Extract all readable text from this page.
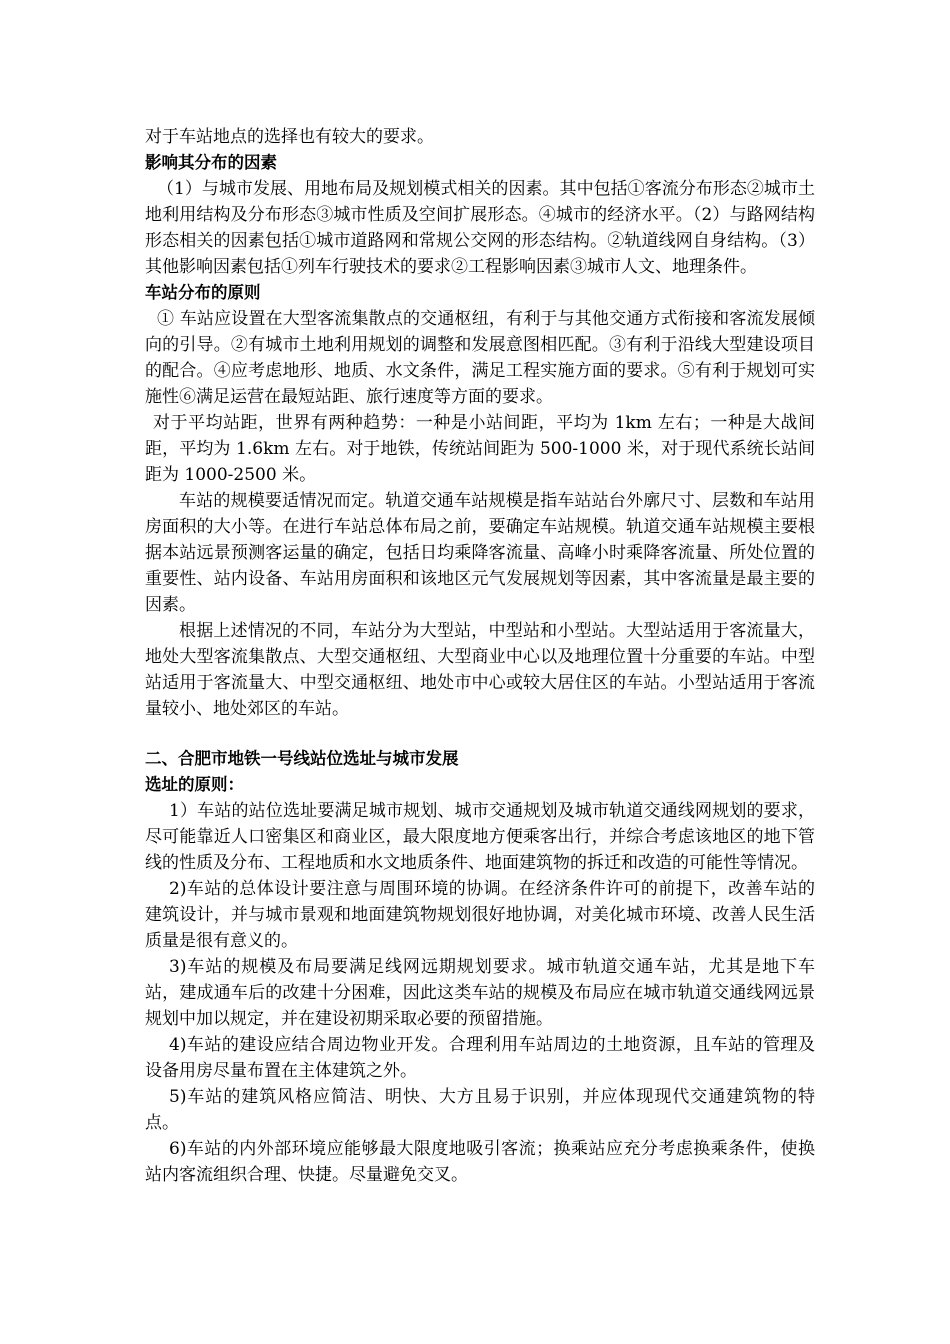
对于车站地点的选择也有较大的要求。

影响其分布的因素

（1）与城市发展、用地布局及规划模式相关的因素。其中包括①客流分布形态②城市土地利用结构及分布形态③城市性质及空间扩展形态。④城市的经济水平。（2）与路网结构形态相关的因素包括①城市道路网和常规公交网的形态结构。②轨道线网自身结构。（3）其他影响因素包括①列车行驶技术的要求②工程影响因素③城市人文、地理条件。

车站分布的原则

① 车站应设置在大型客流集散点的交通枢纽，有利于与其他交通方式衔接和客流发展倾向的引导。②有城市土地利用规划的调整和发展意图相匹配。③有利于沿线大型建设项目的配合。④应考虑地形、地质、水文条件，满足工程实施方面的要求。⑤有利于规划可实施性⑥满足运营在最短站距、旅行速度等方面的要求。

对于平均站距，世界有两种趋势：一种是小站间距，平均为 1km 左右；一种是大战间距，平均为 1.6km 左右。对于地铁，传统站间距为 500-1000 米，对于现代系统长站间距为 1000-2500 米。

车站的规模要适情况而定。轨道交通车站规模是指车站站台外廓尺寸、层数和车站用房面积的大小等。在进行车站总体布局之前，要确定车站规模。轨道交通车站规模主要根据本站远景预测客运量的确定，包括日均乘降客流量、高峰小时乘降客流量、所处位置的重要性、站内设备、车站用房面积和该地区元气发展规划等因素，其中客流量是最主要的因素。

根据上述情况的不同，车站分为大型站，中型站和小型站。大型站适用于客流量大，地处大型客流集散点、大型交通枢纽、大型商业中心以及地理位置十分重要的车站。中型站适用于客流量大、中型交通枢纽、地处市中心或较大居住区的车站。小型站适用于客流量较小、地处郊区的车站。

二、合肥市地铁一号线站位选址与城市发展

选址的原则：

1）车站的站位选址要满足城市规划、城市交通规划及城市轨道交通线网规划的要求，尽可能靠近人口密集区和商业区，最大限度地方便乘客出行，并综合考虑该地区的地下管线的性质及分布、工程地质和水文地质条件、地面建筑物的拆迁和改造的可能性等情况。

2)车站的总体设计要注意与周围环境的协调。在经济条件许可的前提下，改善车站的建筑设计，并与城市景观和地面建筑物规划很好地协调，对美化城市环境、改善人民生活质量是很有意义的。

3)车站的规模及布局要满足线网远期规划要求。城市轨道交通车站，尤其是地下车站，建成通车后的改建十分困难，因此这类车站的规模及布局应在城市轨道交通线网远景规划中加以规定，并在建设初期采取必要的预留措施。

4)车站的建设应结合周边物业开发。合理利用车站周边的土地资源，且车站的管理及设备用房尽量布置在主体建筑之外。

5)车站的建筑风格应简洁、明快、大方且易于识别，并应体现现代交通建筑物的特点。

6)车站的内外部环境应能够最大限度地吸引客流；换乘站应充分考虑换乘条件，使换站内客流组织合理、快捷。尽量避免交叉。
